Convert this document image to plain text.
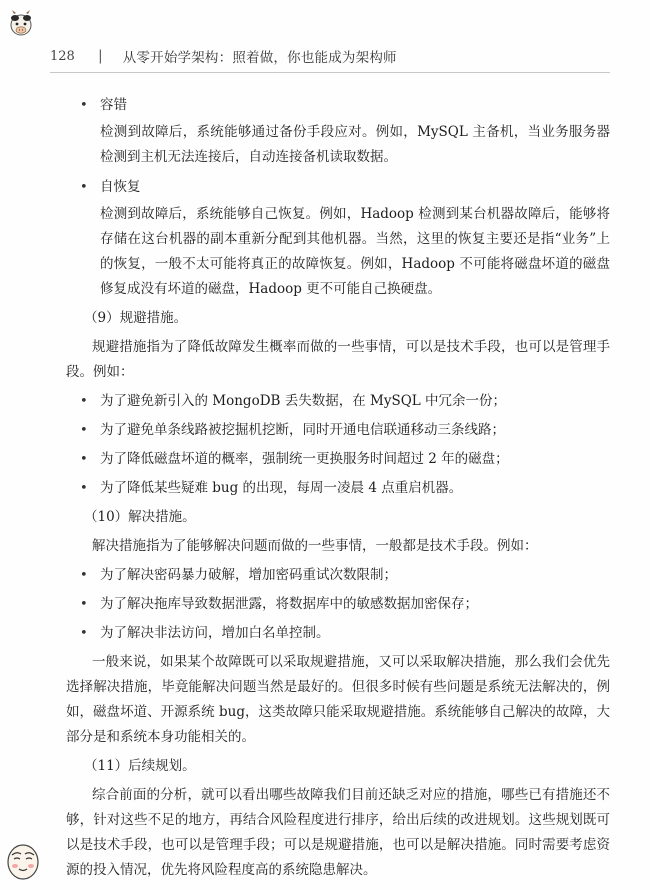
128 | 从零开始学架构：照着做，你也能成为架构师
• 容错

检测到故障后，系统能够通过备份手段应对。例如，MySQL 主备机，当业务服务器检测到主机无法连接后，自动连接备机读取数据。

• 自恢复

检测到故障后，系统能够自己恢复。例如，Hadoop 检测到某台机器故障后，能够将存储在这台机器的副本重新分配到其他机器。当然，这里的恢复主要还是指“业务”上的恢复，一般不太可能将真正的故障恢复。例如，Hadoop 不可能将磁盘坏道的磁盘修复成没有坏道的磁盘，Hadoop 更不可能自己换硬盘。

（9）规避措施。

规避措施指为了降低故障发生概率而做的一些事情，可以是技术手段，也可以是管理手段。例如：

• 为了避免新引入的 MongoDB 丢失数据，在 MySQL 中冗余一份；
• 为了避免单条线路被挖掘机挖断，同时开通电信联通移动三条线路；
• 为了降低磁盘坏道的概率，强制统一更换服务时间超过 2 年的磁盘；
• 为了降低某些疑难 bug 的出现，每周一凌晨 4 点重启机器。

（10）解决措施。

解决措施指为了能够解决问题而做的一些事情，一般都是技术手段。例如：

• 为了解决密码暴力破解，增加密码重试次数限制；
• 为了解决拖库导致数据泄露，将数据库中的敏感数据加密保存；
• 为了解决非法访问，增加白名单控制。

一般来说，如果某个故障既可以采取规避措施，又可以采取解决措施，那么我们会优先选择解决措施，毕竟能解决问题当然是最好的。但很多时候有些问题是系统无法解决的，例如，磁盘坏道、开源系统 bug，这类故障只能采取规避措施。系统能够自己解决的故障，大部分是和系统本身功能相关的。

（11）后续规划。

综合前面的分析，就可以看出哪些故障我们目前还缺乏对应的措施，哪些已有措施还不够，针对这些不足的地方，再结合风险程度进行排序，给出后续的改进规划。这些规划既可以是技术手段，也可以是管理手段；可以是规避措施，也可以是解决措施。同时需要考虑资源的投入情况，优先将风险程度高的系统隐患解决。
